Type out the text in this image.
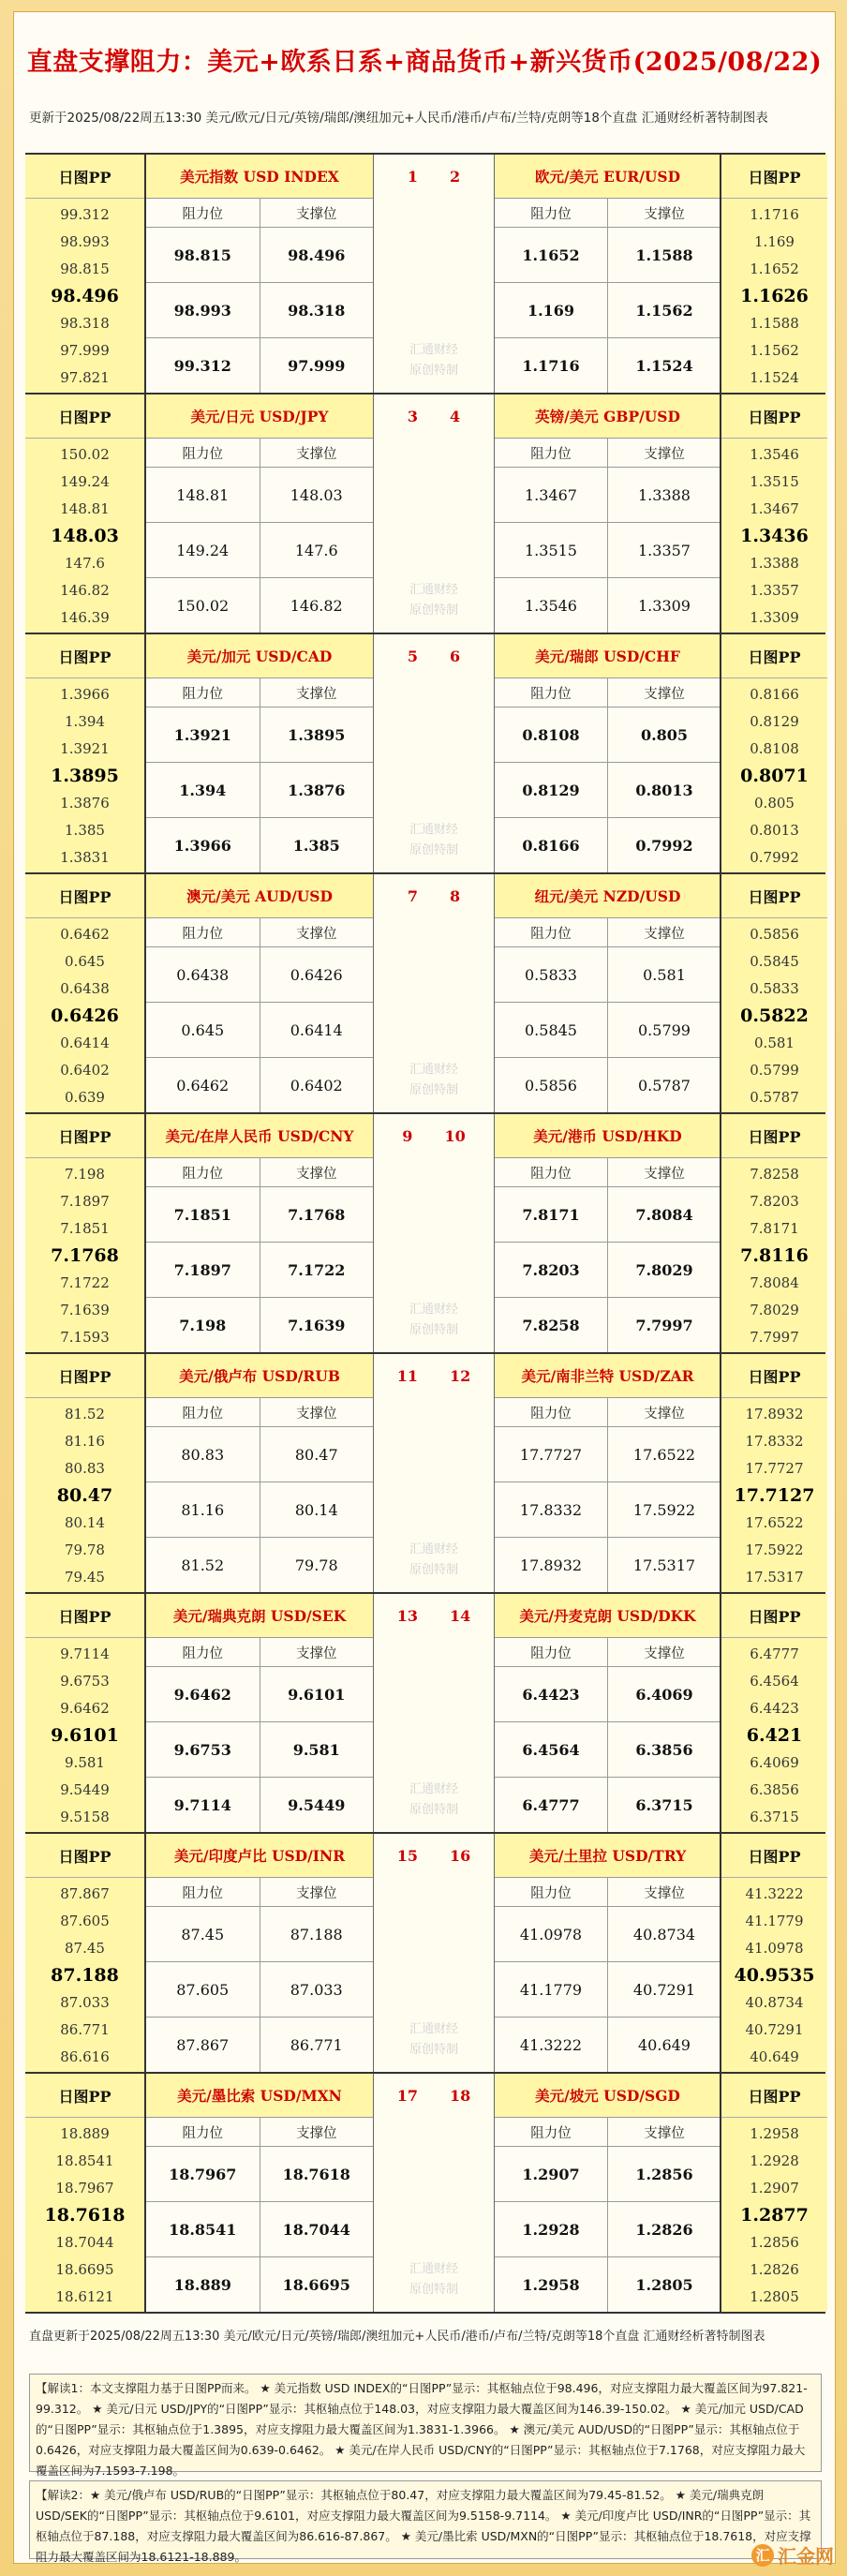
直盘支撑阻力：美元+欧系日系+商品货币+新兴货币(2025/08/22)
更新于2025/08/22周五13:30 美元/欧元/日元/英镑/瑞郎/澳纽加元+人民币/港币/卢布/兰特/克朗等18个直盘 汇通财经析著特制图表
日图PP
99.312
98.993
98.815
98.496
98.318
97.999
97.821
美元指数 USD INDEX
阻力位	支撑位
98.815	98.496
98.993	98.318
99.312	97.999
1 2
汇通财经
原创特制
欧元/美元 EUR/USD
阻力位	支撑位
1.1652	1.1588
1.169	1.1562
1.1716	1.1524
日图PP
1.1716
1.169
1.1652
1.1626
1.1588
1.1562
1.1524
日图PP
150.02
149.24
148.81
148.03
147.6
146.82
146.39
美元/日元 USD/JPY
阻力位	支撑位
148.81	148.03
149.24	147.6
150.02	146.82
3 4
汇通财经
原创特制
英镑/美元 GBP/USD
阻力位	支撑位
1.3467	1.3388
1.3515	1.3357
1.3546	1.3309
日图PP
1.3546
1.3515
1.3467
1.3436
1.3388
1.3357
1.3309
日图PP
1.3966
1.394
1.3921
1.3895
1.3876
1.385
1.3831
美元/加元 USD/CAD
阻力位	支撑位
1.3921	1.3895
1.394	1.3876
1.3966	1.385
5 6
汇通财经
原创特制
美元/瑞郎 USD/CHF
阻力位	支撑位
0.8108	0.805
0.8129	0.8013
0.8166	0.7992
日图PP
0.8166
0.8129
0.8108
0.8071
0.805
0.8013
0.7992
日图PP
0.6462
0.645
0.6438
0.6426
0.6414
0.6402
0.639
澳元/美元 AUD/USD
阻力位	支撑位
0.6438	0.6426
0.645	0.6414
0.6462	0.6402
7 8
汇通财经
原创特制
纽元/美元 NZD/USD
阻力位	支撑位
0.5833	0.581
0.5845	0.5799
0.5856	0.5787
日图PP
0.5856
0.5845
0.5833
0.5822
0.581
0.5799
0.5787
日图PP
7.198
7.1897
7.1851
7.1768
7.1722
7.1639
7.1593
美元/在岸人民币 USD/CNY
阻力位	支撑位
7.1851	7.1768
7.1897	7.1722
7.198	7.1639
9 10
汇通财经
原创特制
美元/港币 USD/HKD
阻力位	支撑位
7.8171	7.8084
7.8203	7.8029
7.8258	7.7997
日图PP
7.8258
7.8203
7.8171
7.8116
7.8084
7.8029
7.7997
日图PP
81.52
81.16
80.83
80.47
80.14
79.78
79.45
美元/俄卢布 USD/RUB
阻力位	支撑位
80.83	80.47
81.16	80.14
81.52	79.78
11 12
汇通财经
原创特制
美元/南非兰特 USD/ZAR
阻力位	支撑位
17.7727	17.6522
17.8332	17.5922
17.8932	17.5317
日图PP
17.8932
17.8332
17.7727
17.7127
17.6522
17.5922
17.5317
日图PP
9.7114
9.6753
9.6462
9.6101
9.581
9.5449
9.5158
美元/瑞典克朗 USD/SEK
阻力位	支撑位
9.6462	9.6101
9.6753	9.581
9.7114	9.5449
13 14
汇通财经
原创特制
美元/丹麦克朗 USD/DKK
阻力位	支撑位
6.4423	6.4069
6.4564	6.3856
6.4777	6.3715
日图PP
6.4777
6.4564
6.4423
6.421
6.4069
6.3856
6.3715
日图PP
87.867
87.605
87.45
87.188
87.033
86.771
86.616
美元/印度卢比 USD/INR
阻力位	支撑位
87.45	87.188
87.605	87.033
87.867	86.771
15 16
汇通财经
原创特制
美元/土里拉 USD/TRY
阻力位	支撑位
41.0978	40.8734
41.1779	40.7291
41.3222	40.649
日图PP
41.3222
41.1779
41.0978
40.9535
40.8734
40.7291
40.649
日图PP
18.889
18.8541
18.7967
18.7618
18.7044
18.6695
18.6121
美元/墨比索 USD/MXN
阻力位	支撑位
18.7967	18.7618
18.8541	18.7044
18.889	18.6695
17 18
汇通财经
原创特制
美元/坡元 USD/SGD
阻力位	支撑位
1.2907	1.2856
1.2928	1.2826
1.2958	1.2805
日图PP
1.2958
1.2928
1.2907
1.2877
1.2856
1.2826
1.2805
直盘更新于2025/08/22周五13:30 美元/欧元/日元/英镑/瑞郎/澳纽加元+人民币/港币/卢布/兰特/克朗等18个直盘 汇通财经析著特制图表
【解读1：本文支撑阻力基于日图PP而来。 ★ 美元指数 USD INDEX的“日图PP”显示：其枢轴点位于98.496，对应支撑阻力最大覆盖区间为97.821-99.312。 ★ 美元/日元 USD/JPY的“日图PP”显示：其枢轴点位于148.03，对应支撑阻力最大覆盖区间为146.39-150.02。 ★ 美元/加元 USD/CAD的“日图PP”显示：其枢轴点位于1.3895，对应支撑阻力最大覆盖区间为1.3831-1.3966。 ★ 澳元/美元 AUD/USD的“日图PP”显示：其枢轴点位于0.6426，对应支撑阻力最大覆盖区间为0.639-0.6462。 ★ 美元/在岸人民币 USD/CNY的“日图PP”显示：其枢轴点位于7.1768，对应支撑阻力最大覆盖区间为7.1593-7.198。
【解读2：★ 美元/俄卢布 USD/RUB的“日图PP”显示：其枢轴点位于80.47，对应支撑阻力最大覆盖区间为79.45-81.52。 ★ 美元/瑞典克朗 USD/SEK的“日图PP”显示：其枢轴点位于9.6101，对应支撑阻力最大覆盖区间为9.5158-9.7114。 ★ 美元/印度卢比 USD/INR的“日图PP”显示：其枢轴点位于87.188，对应支撑阻力最大覆盖区间为86.616-87.867。 ★ 美元/墨比索 USD/MXN的“日图PP”显示：其枢轴点位于18.7618，对应支撑阻力最大覆盖区间为18.6121-18.889。	汇 汇金网
